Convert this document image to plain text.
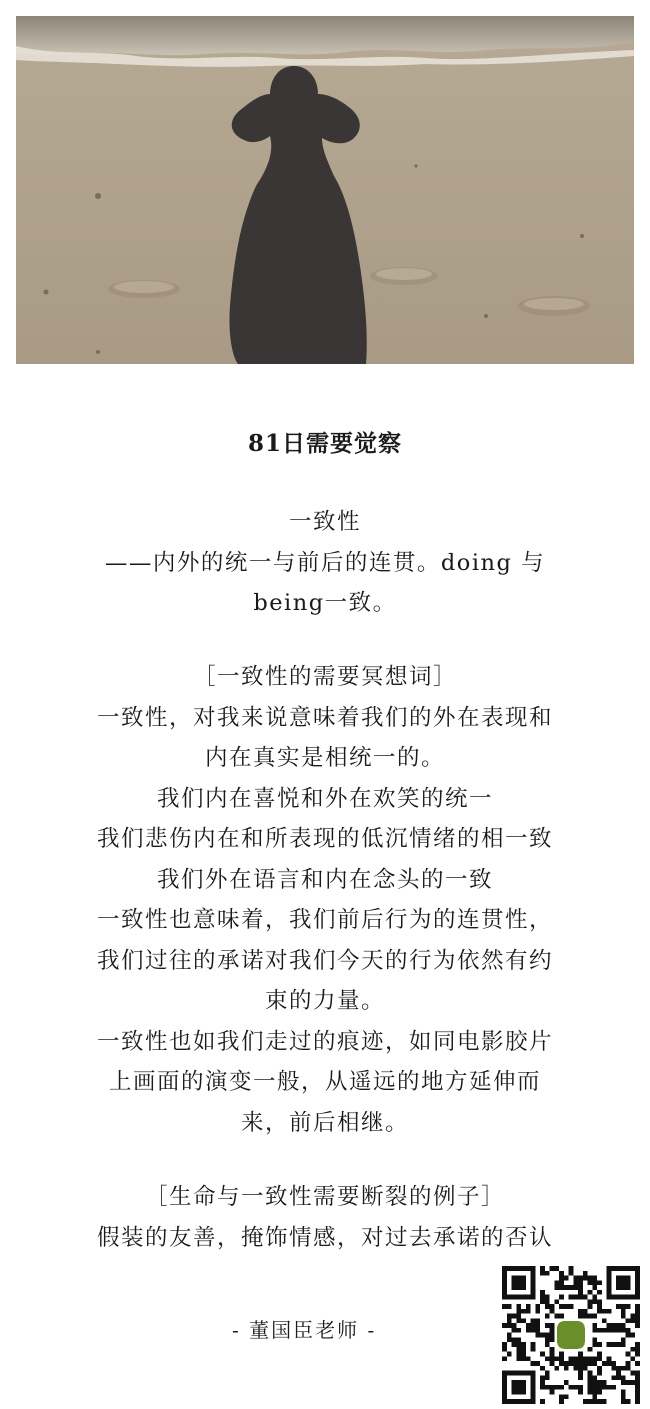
81日需要觉察
一致性
——内外的统一与前后的连贯。doing 与
being一致。
［一致性的需要冥想词］
一致性，对我来说意味着我们的外在表现和
内在真实是相统一的。
我们内在喜悦和外在欢笑的统一
我们悲伤内在和所表现的低沉情绪的相一致
我们外在语言和内在念头的一致
一致性也意味着，我们前后行为的连贯性，
我们过往的承诺对我们今天的行为依然有约
束的力量。
一致性也如我们走过的痕迹，如同电影胶片
上画面的演变一般，从遥远的地方延伸而
来，前后相继。
［生命与一致性需要断裂的例子］
假装的友善，掩饰情感，对过去承诺的否认
- 董国臣老师 -
